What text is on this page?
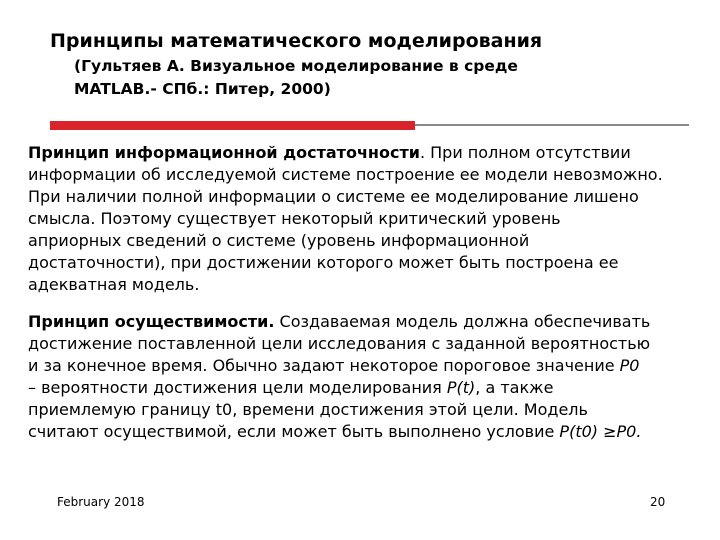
Принципы математического моделирования
(Гультяев А. Визуальное моделирование в среде
MATLAB.- СПб.: Питер, 2000)
Принцип информационной достаточности. При полном отсутствии
информации об исследуемой системе построение ее модели невозможно.
При наличии полной информации о системе ее моделирование лишено
смысла. Поэтому существует некоторый критический уровень
априорных сведений о системе (уровень информационной
достаточности), при достижении которого может быть построена ее
адекватная модель.
Принцип осуществимости. Создаваемая модель должна обеспечивать
достижение поставленной цели исследования с заданной вероятностью
и за конечное время. Обычно задают некоторое пороговое значение P0
– вероятности достижения цели моделирования P(t), а также
приемлемую границу t0, времени достижения этой цели. Модель
считают осуществимой, если может быть выполнено условие P(t0) ≥P0.
February 2018	20
